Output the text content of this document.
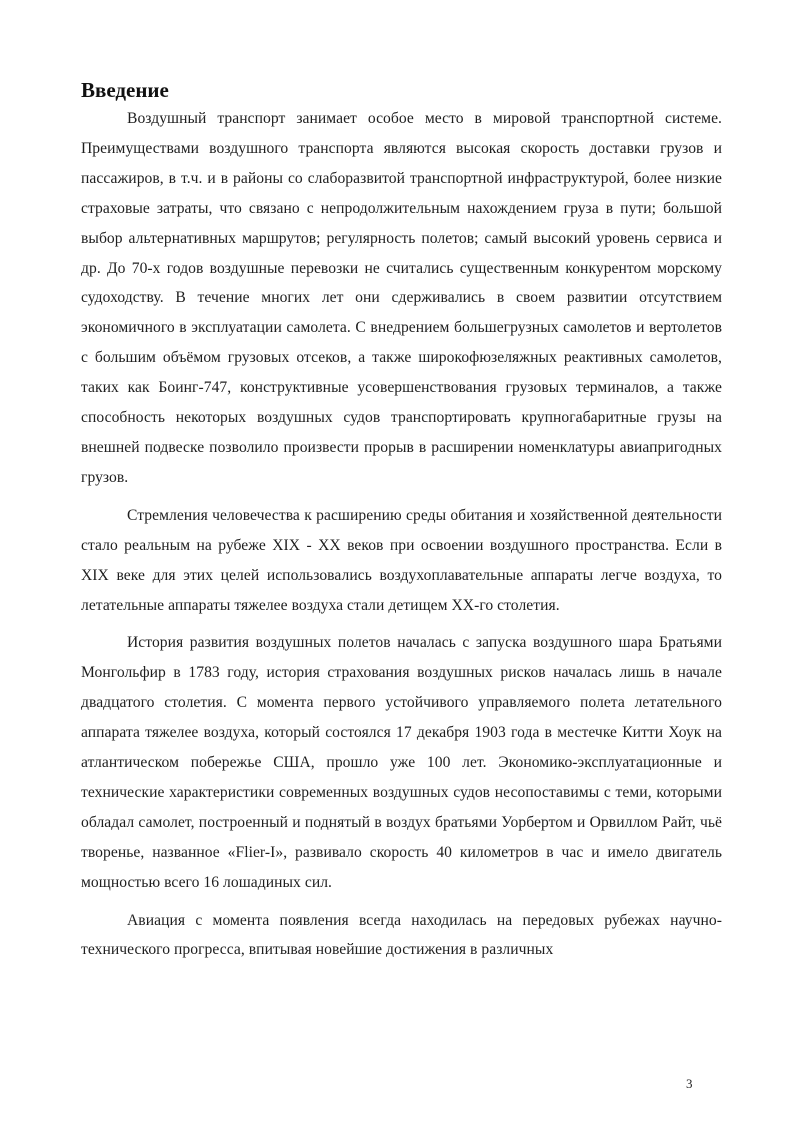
Введение

Воздушный транспорт занимает особое место в мировой транспортной системе. Преимуществами воздушного транспорта являются высокая скорость доставки грузов и пассажиров, в т.ч. и в районы со слаборазвитой транспортной инфраструктурой, более низкие страховые затраты, что связано с непродолжительным нахождением груза в пути; большой выбор альтернативных маршрутов; регулярность полетов; самый высокий уровень сервиса и др. До 70-х годов воздушные перевозки не считались существенным конкурентом морскому судоходству. В течение многих лет они сдерживались в своем развитии отсутствием экономичного в эксплуатации самолета. С внедрением большегрузных самолетов и вертолетов с большим объёмом грузовых отсеков, а также широкофюзеляжных реактивных самолетов, таких как Боинг-747, конструктивные усовершенствования грузовых терминалов, а также способность некоторых воздушных судов транспортировать крупногабаритные грузы на внешней подвеске позволило произвести прорыв в расширении номенклатуры авиапригодных грузов.

Стремления человечества к расширению среды обитания и хозяйственной деятельности стало реальным на рубеже XIX - XX веков при освоении воздушного пространства. Если в XIX веке для этих целей использовались воздухоплавательные аппараты легче воздуха, то летательные аппараты тяжелее воздуха стали детищем XX-го столетия.

История развития воздушных полетов началась с запуска воздушного шара Братьями Монгольфир в 1783 году, история страхования воздушных рисков началась лишь в начале двадцатого столетия. С момента первого устойчивого управляемого полета летательного аппарата тяжелее воздуха, который состоялся 17 декабря 1903 года в местечке Китти Хоук на атлантическом побережье США, прошло уже 100 лет. Экономико-эксплуатационные и технические характеристики современных воздушных судов несопоставимы с теми, которыми обладал самолет, построенный и поднятый в воздух братьями Уорбертом и Орвиллом Райт, чьё творенье, названное «Flier-I», развивало скорость 40 километров в час и имело двигатель мощностью всего 16 лошадиных сил.

Авиация с момента появления всегда находилась на передовых рубежах научно-технического прогресса, впитывая новейшие достижения в различных

3
